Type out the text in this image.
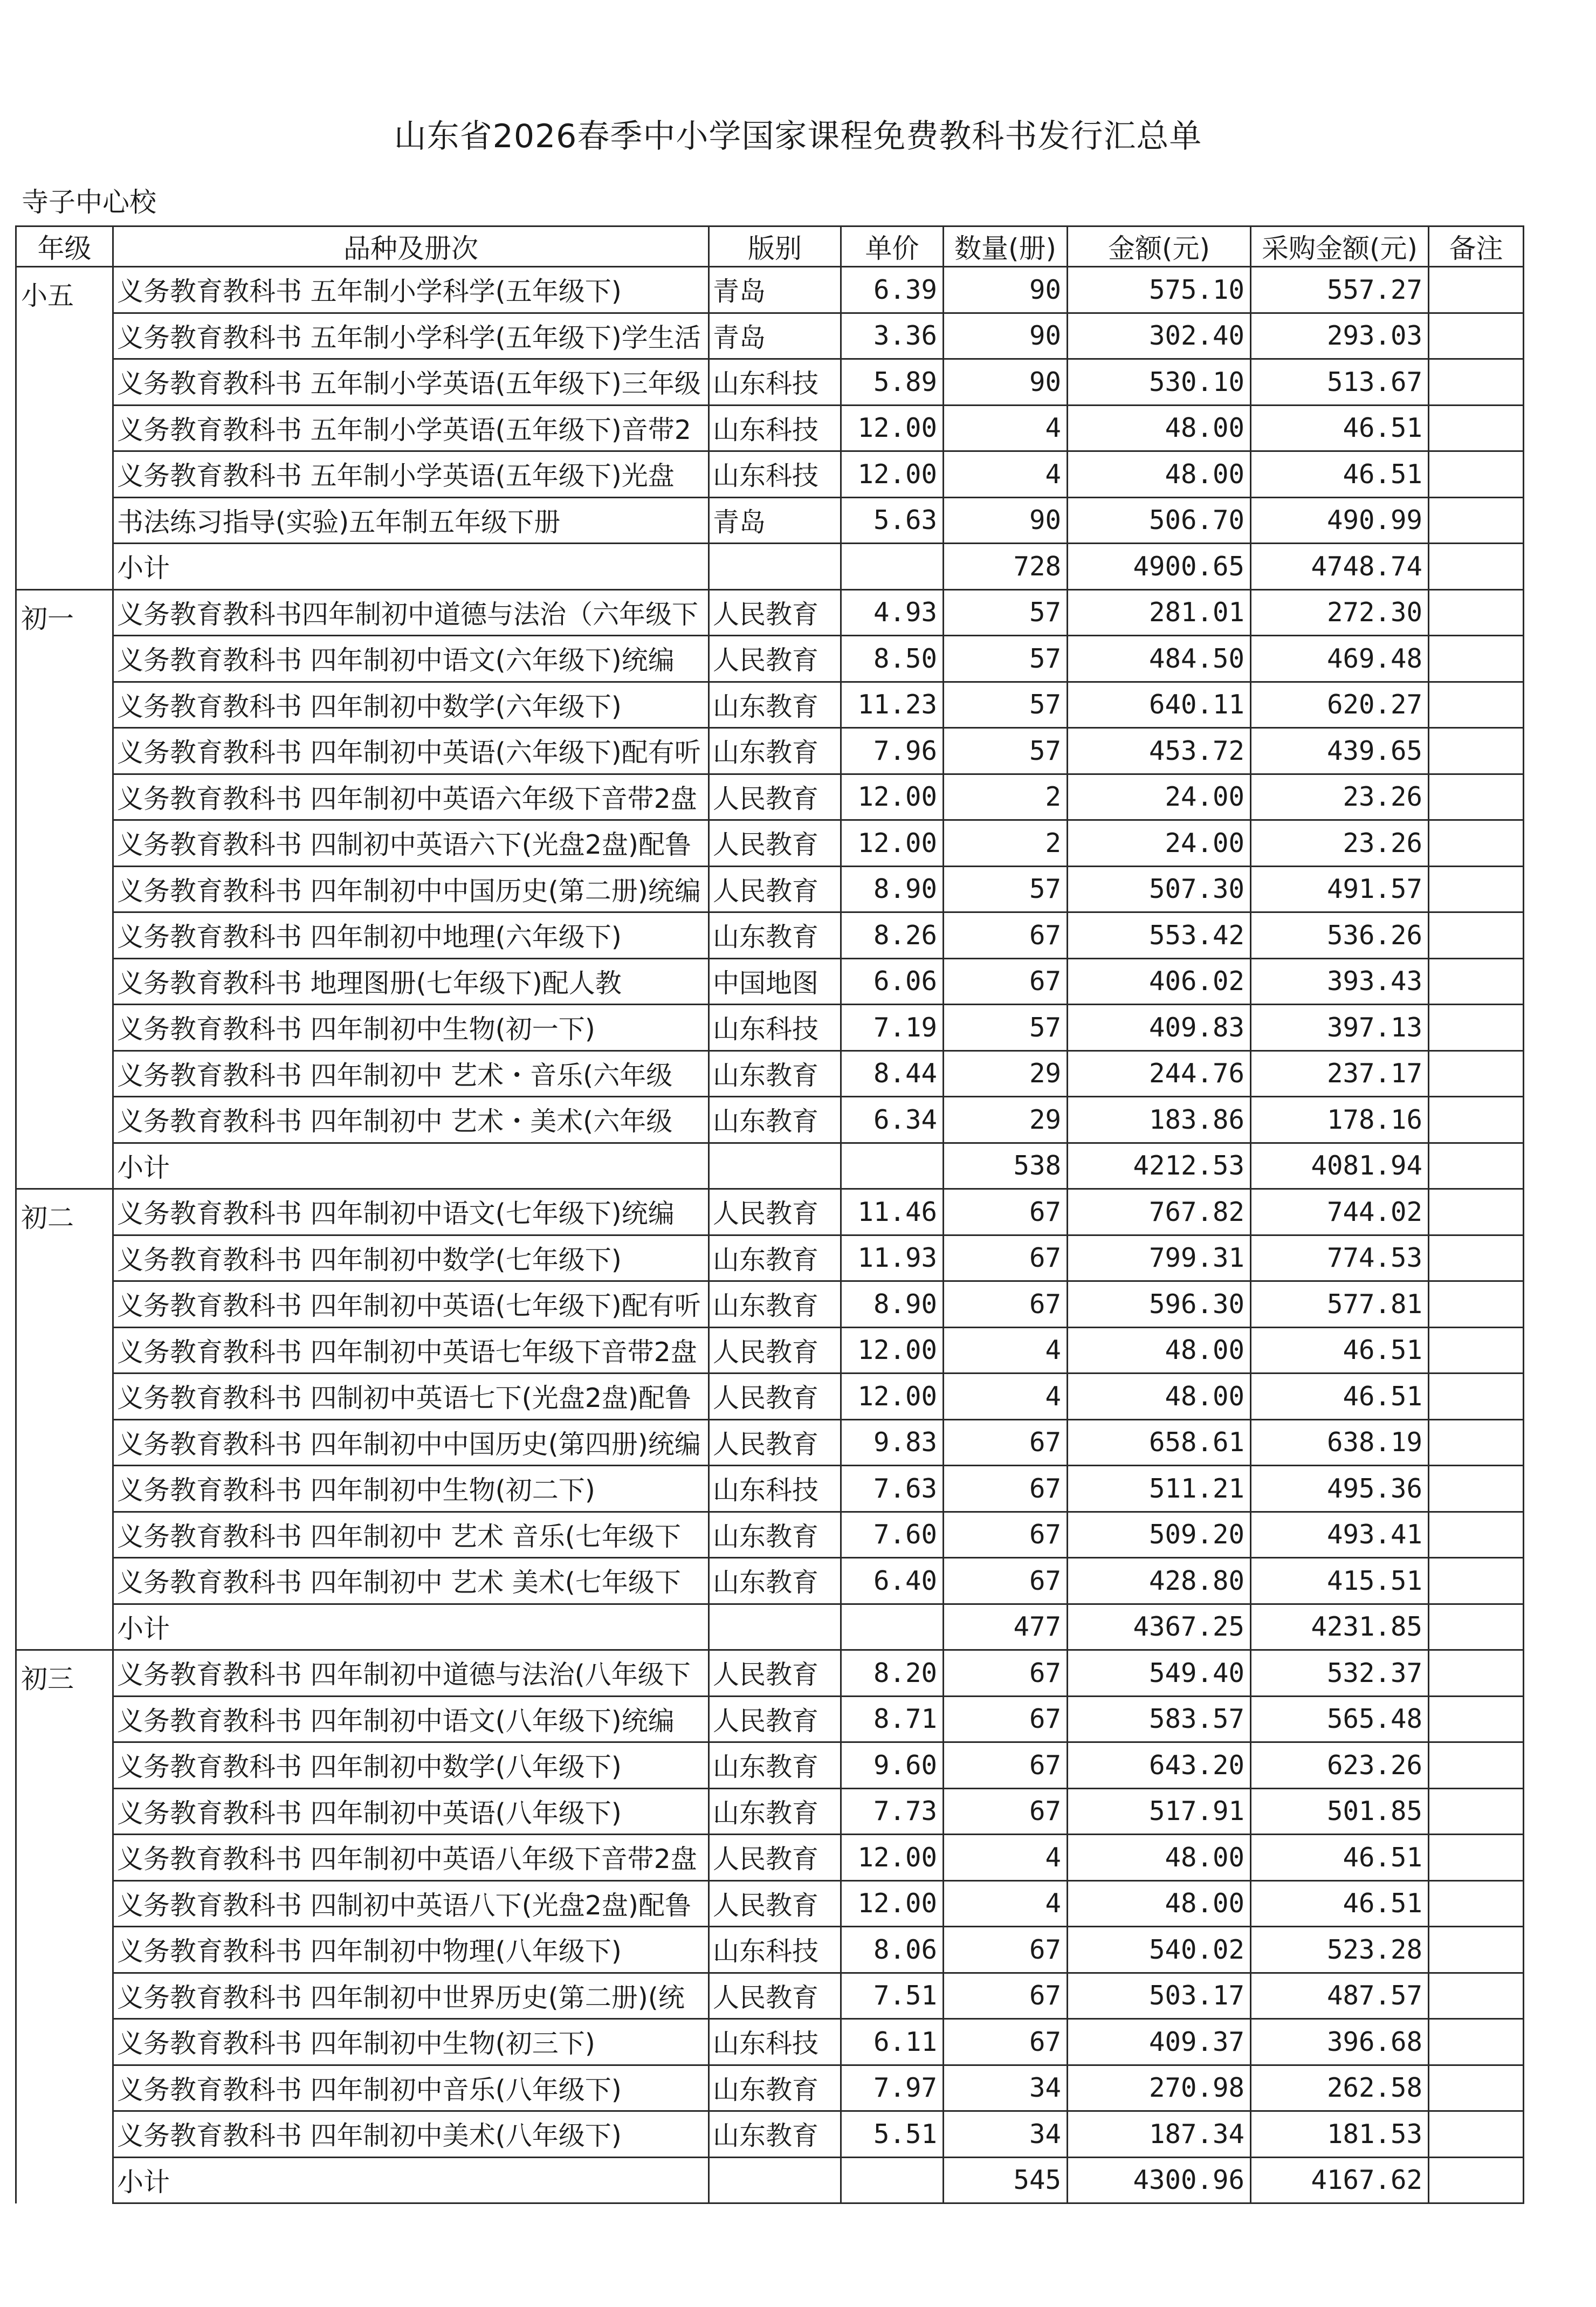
山东省2026春季中小学国家课程免费教科书发行汇总单
寺子中心校
年级	品种及册次	版别	单价	数量(册)	金额(元)	采购金额(元)	备注
小五	义务教育教科书 五年制小学科学(五年级下)	青岛	6.39	90	575.10	557.27	
	义务教育教科书 五年制小学科学(五年级下)学生活	青岛	3.36	90	302.40	293.03	
	义务教育教科书 五年制小学英语(五年级下)三年级	山东科技	5.89	90	530.10	513.67	
	义务教育教科书 五年制小学英语(五年级下)音带2	山东科技	12.00	4	48.00	46.51	
	义务教育教科书 五年制小学英语(五年级下)光盘	山东科技	12.00	4	48.00	46.51	
	书法练习指导(实验)五年制五年级下册	青岛	5.63	90	506.70	490.99	
	小计			728	4900.65	4748.74	
初一	义务教育教科书四年制初中道德与法治（六年级下	人民教育	4.93	57	281.01	272.30	
	义务教育教科书 四年制初中语文(六年级下)统编	人民教育	8.50	57	484.50	469.48	
	义务教育教科书 四年制初中数学(六年级下)	山东教育	11.23	57	640.11	620.27	
	义务教育教科书 四年制初中英语(六年级下)配有听	山东教育	7.96	57	453.72	439.65	
	义务教育教科书 四年制初中英语六年级下音带2盘	人民教育	12.00	2	24.00	23.26	
	义务教育教科书 四制初中英语六下(光盘2盘)配鲁	人民教育	12.00	2	24.00	23.26	
	义务教育教科书 四年制初中中国历史(第二册)统编	人民教育	8.90	57	507.30	491.57	
	义务教育教科书 四年制初中地理(六年级下)	山东教育	8.26	67	553.42	536.26	
	义务教育教科书 地理图册(七年级下)配人教	中国地图	6.06	67	406.02	393.43	
	义务教育教科书 四年制初中生物(初一下)	山东科技	7.19	57	409.83	397.13	
	义务教育教科书 四年制初中 艺术・音乐(六年级	山东教育	8.44	29	244.76	237.17	
	义务教育教科书 四年制初中 艺术・美术(六年级	山东教育	6.34	29	183.86	178.16	
	小计			538	4212.53	4081.94	
初二	义务教育教科书 四年制初中语文(七年级下)统编	人民教育	11.46	67	767.82	744.02	
	义务教育教科书 四年制初中数学(七年级下)	山东教育	11.93	67	799.31	774.53	
	义务教育教科书 四年制初中英语(七年级下)配有听	山东教育	8.90	67	596.30	577.81	
	义务教育教科书 四年制初中英语七年级下音带2盘	人民教育	12.00	4	48.00	46.51	
	义务教育教科书 四制初中英语七下(光盘2盘)配鲁	人民教育	12.00	4	48.00	46.51	
	义务教育教科书 四年制初中中国历史(第四册)统编	人民教育	9.83	67	658.61	638.19	
	义务教育教科书 四年制初中生物(初二下)	山东科技	7.63	67	511.21	495.36	
	义务教育教科书 四年制初中 艺术 音乐(七年级下	山东教育	7.60	67	509.20	493.41	
	义务教育教科书 四年制初中 艺术 美术(七年级下	山东教育	6.40	67	428.80	415.51	
	小计			477	4367.25	4231.85	
初三	义务教育教科书 四年制初中道德与法治(八年级下	人民教育	8.20	67	549.40	532.37	
	义务教育教科书 四年制初中语文(八年级下)统编	人民教育	8.71	67	583.57	565.48	
	义务教育教科书 四年制初中数学(八年级下)	山东教育	9.60	67	643.20	623.26	
	义务教育教科书 四年制初中英语(八年级下)	山东教育	7.73	67	517.91	501.85	
	义务教育教科书 四年制初中英语八年级下音带2盘	人民教育	12.00	4	48.00	46.51	
	义务教育教科书 四制初中英语八下(光盘2盘)配鲁	人民教育	12.00	4	48.00	46.51	
	义务教育教科书 四年制初中物理(八年级下)	山东科技	8.06	67	540.02	523.28	
	义务教育教科书 四年制初中世界历史(第二册)(统	人民教育	7.51	67	503.17	487.57	
	义务教育教科书 四年制初中生物(初三下)	山东科技	6.11	67	409.37	396.68	
	义务教育教科书 四年制初中音乐(八年级下)	山东教育	7.97	34	270.98	262.58	
	义务教育教科书 四年制初中美术(八年级下)	山东教育	5.51	34	187.34	181.53	
	小计			545	4300.96	4167.62	
